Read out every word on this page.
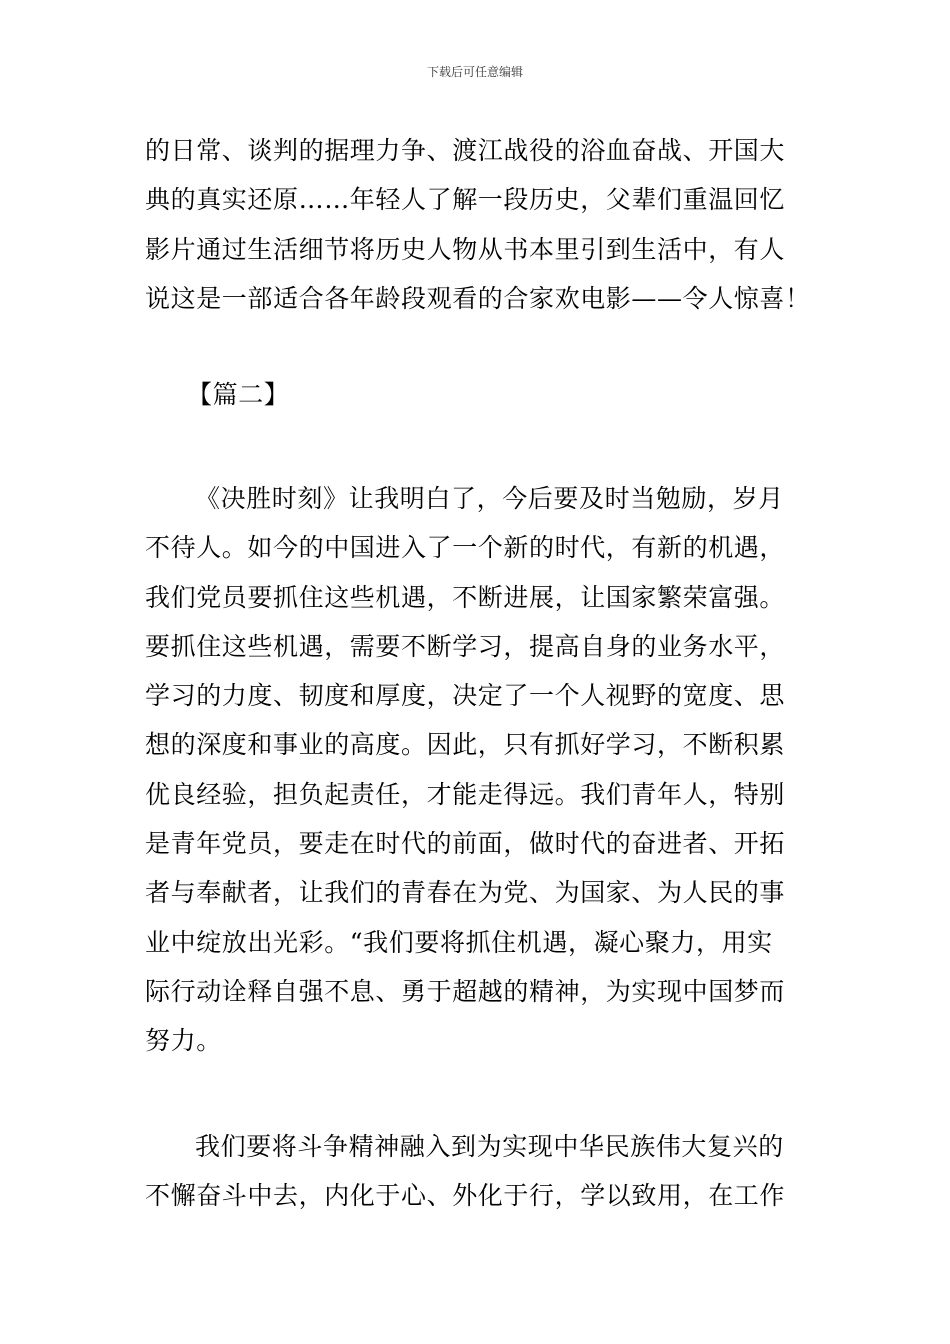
下载后可任意编辑
的日常、谈判的据理力争、渡江战役的浴血奋战、开国大
典的真实还原……年轻人了解一段历史，父辈们重温回忆
影片通过生活细节将历史人物从书本里引到生活中，有人
说这是一部适合各年龄段观看的合家欢电影——令人惊喜！
【篇二】
《决胜时刻》让我明白了，今后要及时当勉励，岁月
不待人。如今的中国进入了一个新的时代，有新的机遇，
我们党员要抓住这些机遇，不断进展，让国家繁荣富强。
要抓住这些机遇，需要不断学习，提高自身的业务水平，
学习的力度、韧度和厚度，决定了一个人视野的宽度、思
想的深度和事业的高度。因此，只有抓好学习，不断积累
优良经验，担负起责任，才能走得远。我们青年人，特别
是青年党员，要走在时代的前面，做时代的奋进者、开拓
者与奉献者，让我们的青春在为党、为国家、为人民的事
业中绽放出光彩。“我们要将抓住机遇，凝心聚力，用实
际行动诠释自强不息、勇于超越的精神，为实现中国梦而
努力。
我们要将斗争精神融入到为实现中华民族伟大复兴的
不懈奋斗中去，内化于心、外化于行，学以致用，在工作
